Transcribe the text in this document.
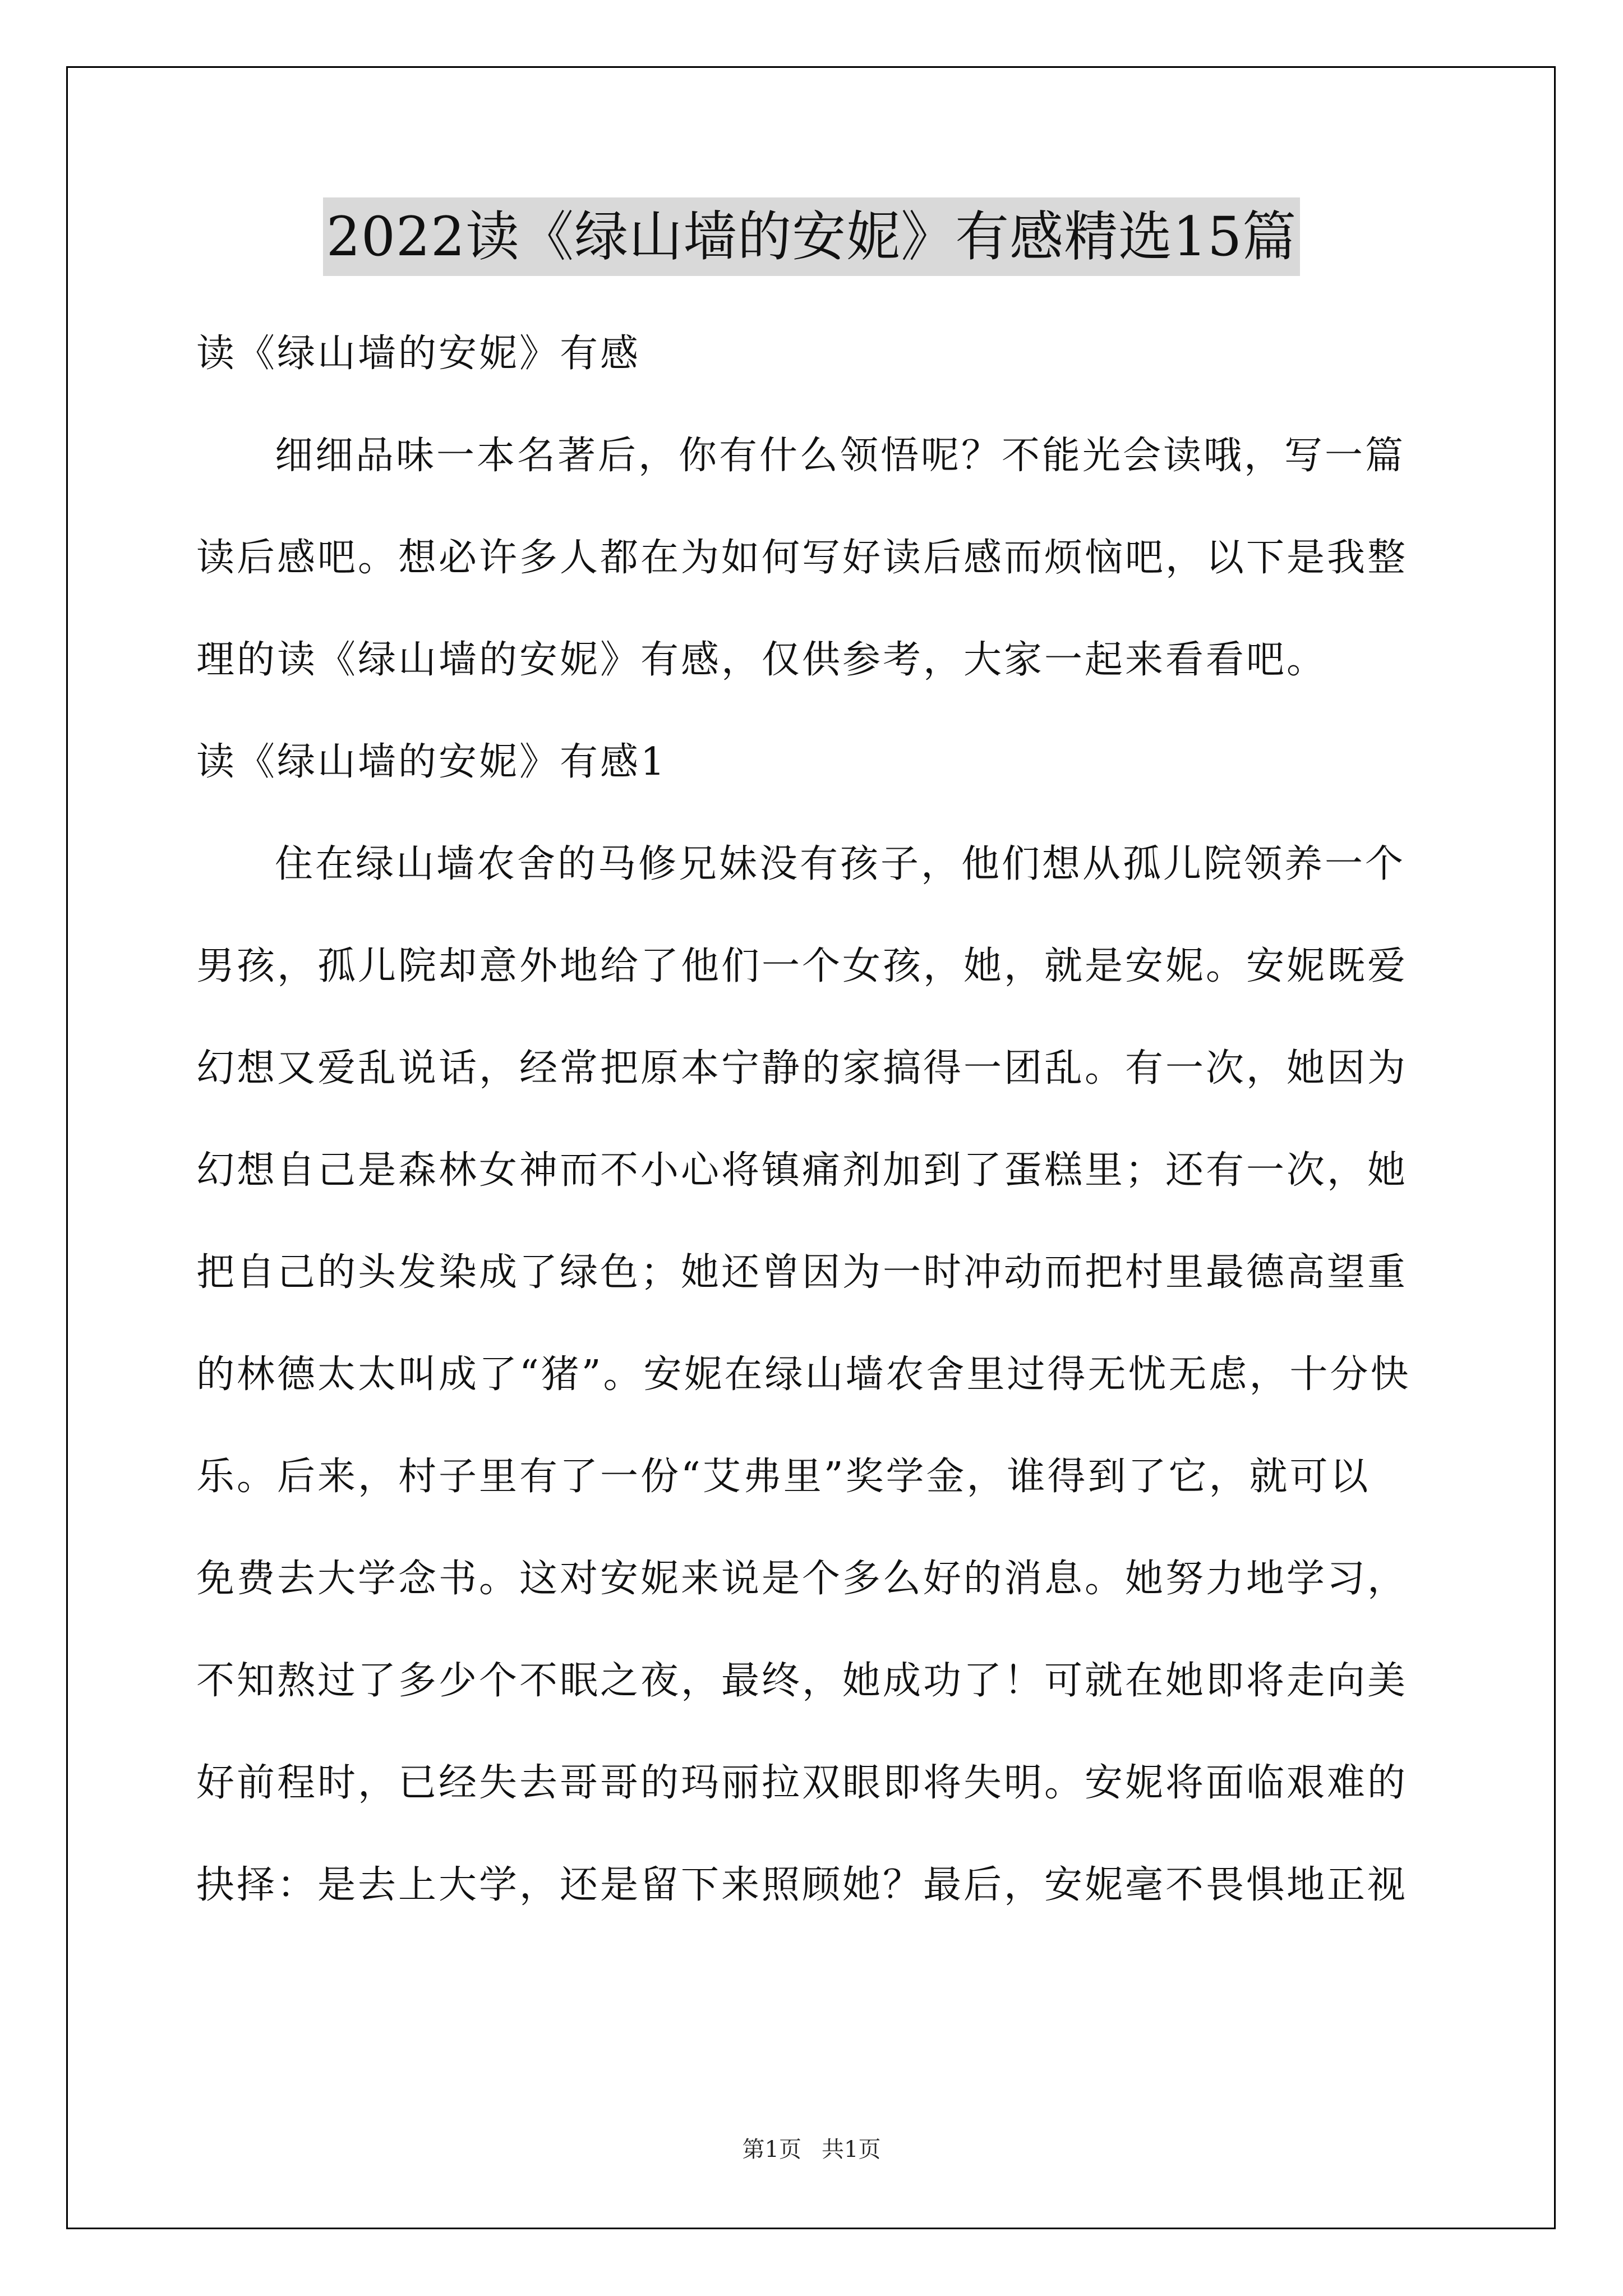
2022读《绿山墙的安妮》有感精选15篇
读《绿山墙的安妮》有感
细细品味一本名著后，你有什么领悟呢？不能光会读哦，写一篇
读后感吧。想必许多人都在为如何写好读后感而烦恼吧，以下是我整
理的读《绿山墙的安妮》有感，仅供参考，大家一起来看看吧。
读《绿山墙的安妮》有感1
住在绿山墙农舍的马修兄妹没有孩子，他们想从孤儿院领养一个
男孩，孤儿院却意外地给了他们一个女孩，她，就是安妮。安妮既爱
幻想又爱乱说话，经常把原本宁静的家搞得一团乱。有一次，她因为
幻想自己是森林女神而不小心将镇痛剂加到了蛋糕里；还有一次，她
把自己的头发染成了绿色；她还曾因为一时冲动而把村里最德高望重
的林德太太叫成了“猪”。安妮在绿山墙农舍里过得无忧无虑，十分快
乐。后来，村子里有了一份“艾弗里”奖学金，谁得到了它，就可以
免费去大学念书。这对安妮来说是个多么好的消息。她努力地学习，
不知熬过了多少个不眠之夜，最终，她成功了！可就在她即将走向美
好前程时，已经失去哥哥的玛丽拉双眼即将失明。安妮将面临艰难的
抉择：是去上大学，还是留下来照顾她？最后，安妮毫不畏惧地正视
第1页 共1页
